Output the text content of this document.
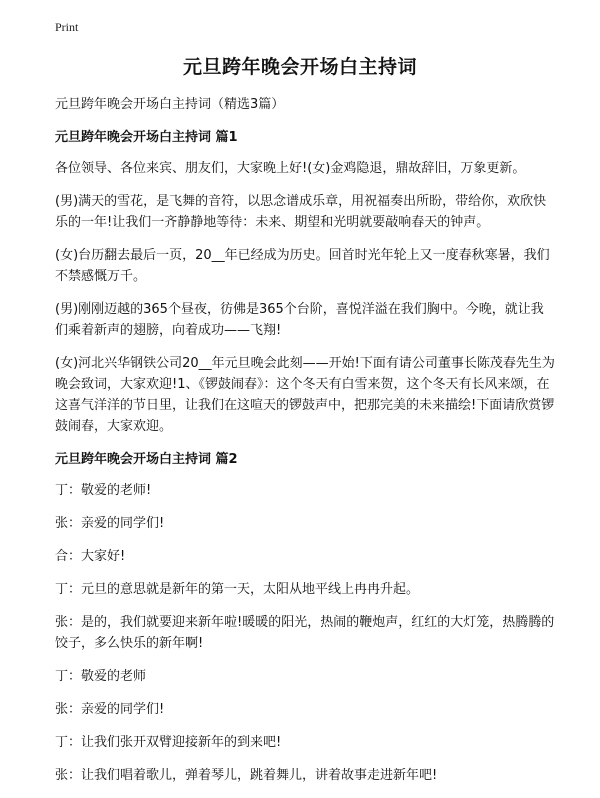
Print
元旦跨年晚会开场白主持词

元旦跨年晚会开场白主持词（精选3篇）

元旦跨年晚会开场白主持词 篇1

各位领导、各位来宾、朋友们，大家晚上好!(女)金鸡隐退，鼎故辞旧，万象更新。

(男)满天的雪花，是飞舞的音符，以思念谱成乐章，用祝福奏出所盼，带给你，欢欣快乐的一年!让我们一齐静静地等待：未来、期望和光明就要敲响春天的钟声。

(女)台历翻去最后一页，20__年已经成为历史。回首时光年轮上又一度春秋寒暑，我们不禁感慨万千。

(男)刚刚迈越的365个昼夜，彷佛是365个台阶，喜悦洋溢在我们胸中。今晚，就让我们乘着新声的翅膀，向着成功——飞翔!

(女)河北兴华钢铁公司20__年元旦晚会此刻——开始!下面有请公司董事长陈茂春先生为晚会致词，大家欢迎!1、《锣鼓闹春》：这个冬天有白雪来贺，这个冬天有长风来颂，在这喜气洋洋的节日里，让我们在这喧天的锣鼓声中，把那完美的未来描绘!下面请欣赏锣鼓闹春，大家欢迎。

元旦跨年晚会开场白主持词 篇2

丁：敬爱的老师!

张：亲爱的同学们!

合：大家好!

丁：元旦的意思就是新年的第一天，太阳从地平线上冉冉升起。

张：是的，我们就要迎来新年啦!暖暖的阳光，热闹的鞭炮声，红红的大灯笼，热腾腾的饺子，多么快乐的新年啊!

丁：敬爱的老师

张：亲爱的同学们!

丁：让我们张开双臂迎接新年的到来吧!

张：让我们唱着歌儿，弹着琴儿，跳着舞儿，讲着故事走进新年吧!
